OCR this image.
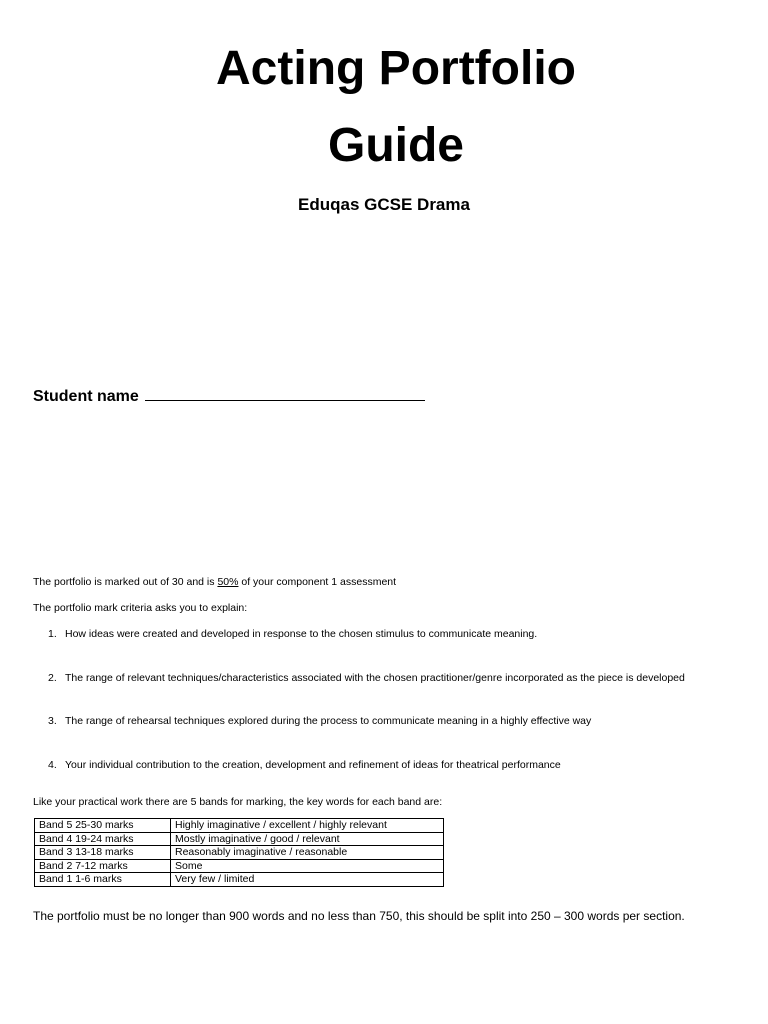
Acting Portfolio
Guide
Eduqas GCSE Drama
Student name
The portfolio is marked out of 30 and is 50% of your component 1 assessment
The portfolio mark criteria asks you to explain:
1. How ideas were created and developed in response to the chosen stimulus to communicate meaning.
2. The range of relevant techniques/characteristics associated with the chosen practitioner/genre incorporated as the piece is developed
3. The range of rehearsal techniques explored during the process to communicate meaning in a highly effective way
4. Your individual contribution to the creation, development and refinement of ideas for theatrical performance
Like your practical work there are 5 bands for marking, the key words for each band are:
Band 5 25-30 marks	Highly imaginative / excellent / highly relevant
Band 4 19-24 marks	Mostly imaginative / good / relevant
Band 3 13-18 marks	Reasonably imaginative / reasonable
Band 2 7-12 marks	Some
Band 1 1-6 marks	Very few / limited
The portfolio must be no longer than 900 words and no less than 750, this should be split into 250 – 300 words per section.
